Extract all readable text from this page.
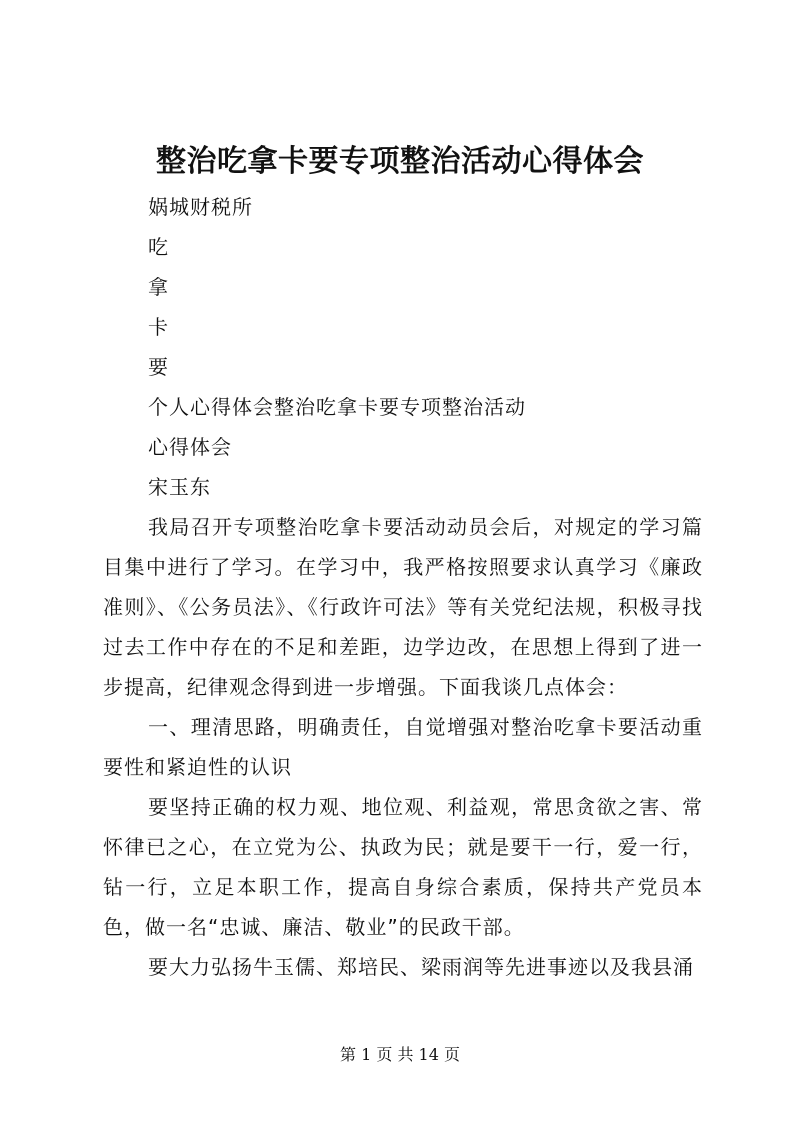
整治吃拿卡要专项整治活动心得体会

娲城财税所

吃

拿

卡

要

个人心得体会整治吃拿卡要专项整治活动

心得体会

宋玉东

我局召开专项整治吃拿卡要活动动员会后，对规定的学习篇目集中进行了学习。在学习中，我严格按照要求认真学习《廉政准则》、《公务员法》、《行政许可法》等有关党纪法规，积极寻找过去工作中存在的不足和差距，边学边改，在思想上得到了进一步提高，纪律观念得到进一步增强。下面我谈几点体会：

一、理清思路，明确责任，自觉增强对整治吃拿卡要活动重要性和紧迫性的认识

要坚持正确的权力观、地位观、利益观，常思贪欲之害、常怀律已之心，在立党为公、执政为民；就是要干一行，爱一行，钻一行，立足本职工作，提高自身综合素质，保持共产党员本色，做一名“忠诚、廉洁、敬业”的民政干部。

要大力弘扬牛玉儒、郑培民、梁雨润等先进事迹以及我县涌

第 1 页 共 14 页
